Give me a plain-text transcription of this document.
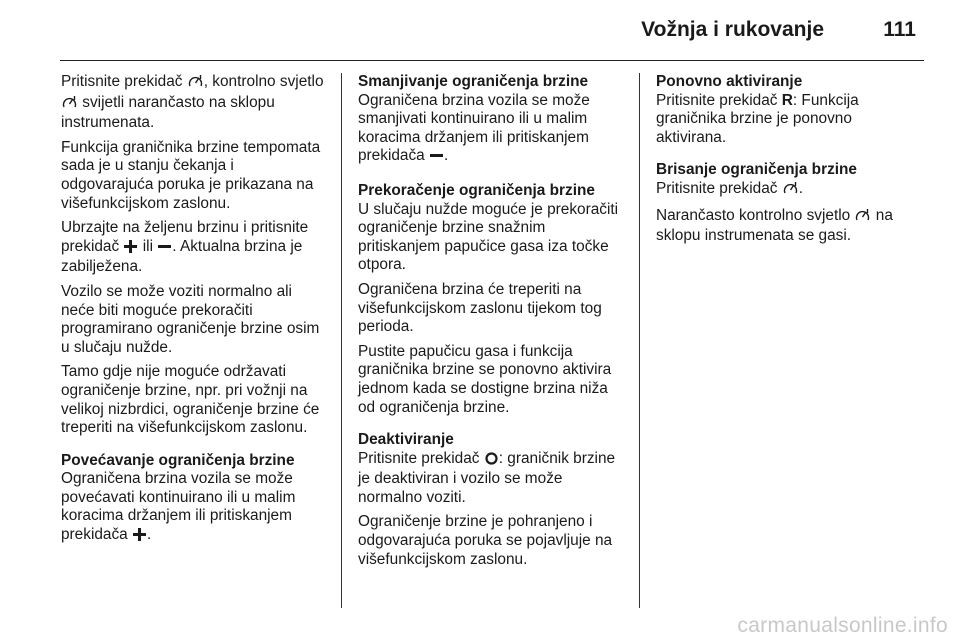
Vožnja i rukovanje	111

Pritisnite prekidač , kontrolno svjetlo  svijetli narančasto na sklopu instrumenata.

Funkcija graničnika brzine tempomata sada je u stanju čekanja i odgovarajuća poruka je prikazana na višefunkcijskom zaslonu.

Ubrzajte na željenu brzinu i pritisnite prekidač  ili . Aktualna brzina je zabilježena.

Vozilo se može voziti normalno ali neće biti moguće prekoračiti programirano ograničenje brzine osim u slučaju nužde.

Tamo gdje nije moguće održavati ograničenje brzine, npr. pri vožnji na velikoj nizbrdici, ograničenje brzine će treperiti na višefunkcijskom zaslonu.

Povećavanje ograničenja brzine

Ograničena brzina vozila se može povećavati kontinuirano ili u malim koracima držanjem ili pritiskanjem prekidača .

Smanjivanje ograničenja brzine

Ograničena brzina vozila se može smanjivati kontinuirano ili u malim koracima držanjem ili pritiskanjem prekidača .

Prekoračenje ograničenja brzine

U slučaju nužde moguće je prekoračiti ograničenje brzine snažnim pritiskanjem papučice gasa iza točke otpora.

Ograničena brzina će treperiti na višefunkcijskom zaslonu tijekom tog perioda.

Pustite papučicu gasa i funkcija graničnika brzine se ponovno aktivira jednom kada se dostigne brzina niža od ograničenja brzine.

Deaktiviranje

Pritisnite prekidač : graničnik brzine je deaktiviran i vozilo se može normalno voziti.

Ograničenje brzine je pohranjeno i odgovarajuća poruka se pojavljuje na višefunkcijskom zaslonu.

Ponovno aktiviranje

Pritisnite prekidač R: Funkcija graničnika brzine je ponovno aktivirana.

Brisanje ograničenja brzine

Pritisnite prekidač .

Narančasto kontrolno svjetlo  na sklopu instrumenata se gasi.

carmanualsonline.info
